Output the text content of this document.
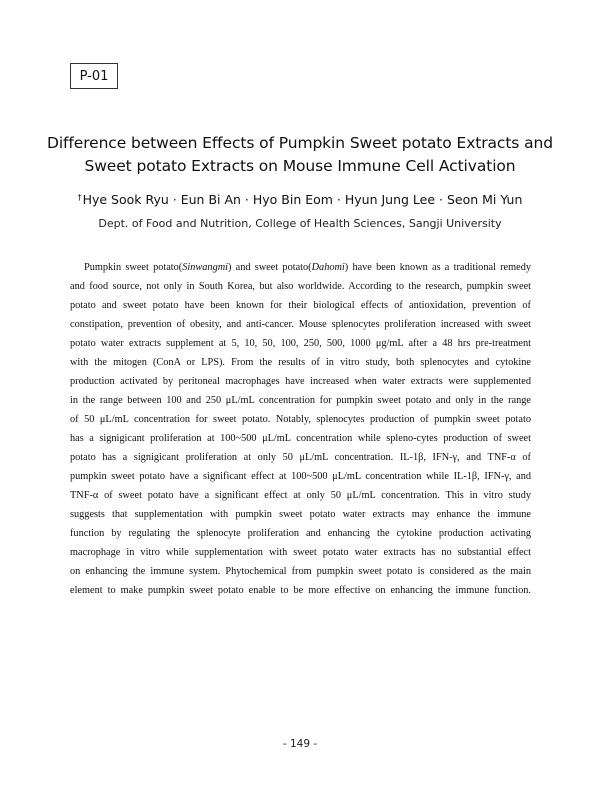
P-01
Difference between Effects of Pumpkin Sweet potato Extracts and
Sweet potato Extracts on Mouse Immune Cell Activation
†Hye Sook Ryu · Eun Bi An · Hyo Bin Eom · Hyun Jung Lee · Seon Mi Yun
Dept. of Food and Nutrition, College of Health Sciences, Sangji University
Pumpkin sweet potato(Sinwangmi) and sweet potato(Dahomi) have been known as a traditional remedy
and food source, not only in South Korea, but also worldwide. According to the research, pumpkin sweet
potato and sweet potato have been known for their biological effects of antioxidation, prevention of
constipation, prevention of obesity, and anti-cancer. Mouse splenocytes proliferation increased with sweet
potato water extracts supplement at 5, 10, 50, 100, 250, 500, 1000 μg/mL after a 48 hrs pre-treatment
with the mitogen (ConA or LPS). From the results of in vitro study, both splenocytes and cytokine
production activated by peritoneal macrophages have increased when water extracts were supplemented
in the range between 100 and 250 μL/mL concentration for pumpkin sweet potato and only in the range
of 50 μL/mL concentration for sweet potato. Notably, splenocytes production of pumpkin sweet potato
has a signigicant proliferation at 100~500 μL/mL concentration while spleno-cytes production of sweet
potato has a signigicant proliferation at only 50 μL/mL concentration. IL-1β, IFN-γ, and TNF-α of
pumpkin sweet potato have a significant effect at 100~500 μL/mL concentration while IL-1β, IFN-γ, and
TNF-α of sweet potato have a significant effect at only 50 μL/mL concentration. This in vitro study
suggests that supplementation with pumpkin sweet potato water extracts may enhance the immune
function by regulating the splenocyte proliferation and enhancing the cytokine production activating
macrophage in vitro while supplementation with sweet potato water extracts has no substantial effect
on enhancing the immune system. Phytochemical from pumpkin sweet potato is considered as the main
element to make pumpkin sweet potato enable to be more effective on enhancing the immune function.
- 149 -
